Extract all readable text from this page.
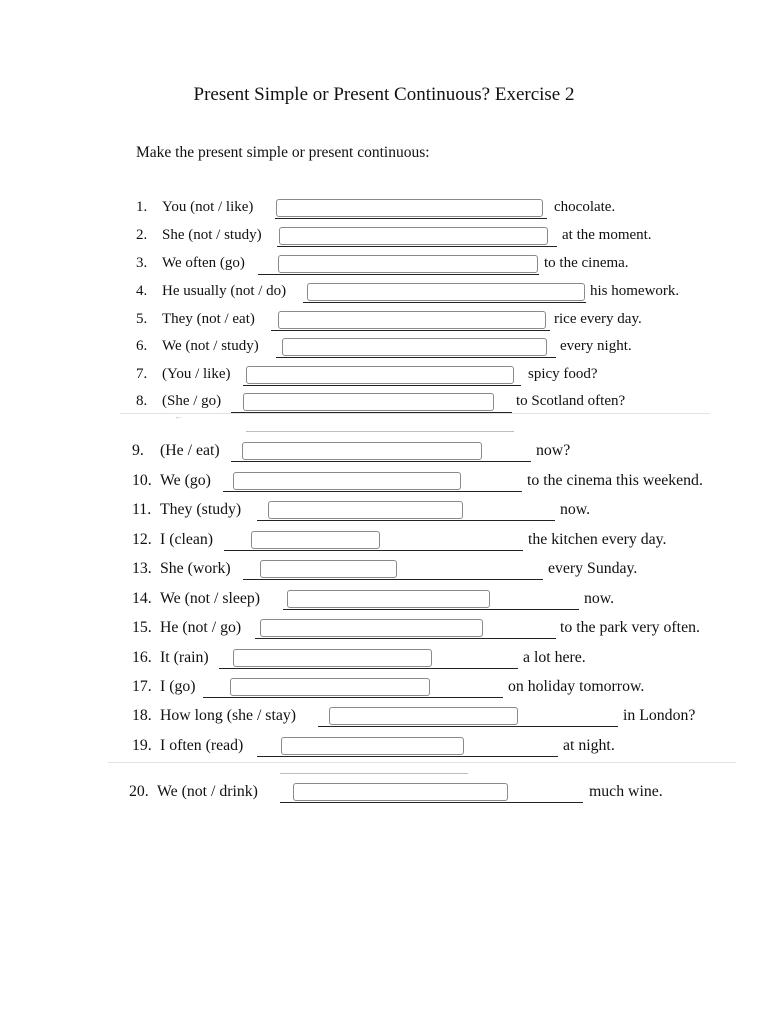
Present Simple or Present Continuous? Exercise 2
Make the present simple or present continuous:
←
1. You (not / like)	chocolate.
2. She (not / study)	at the moment.
3. We often (go)	to the cinema.
4. He usually (not / do)	his homework.
5. They (not / eat)	rice every day.
6. We (not / study)	every night.
7. (You / like)	spicy food?
8. (She / go)	to Scotland often?
9. (He / eat)	now?
10. We (go)	to the cinema this weekend.
11. They (study)	now.
12. I (clean)	the kitchen every day.
13. She (work)	every Sunday.
14. We (not / sleep)	now.
15. He (not / go)	to the park very often.
16. It (rain)	a lot here.
17. I (go)	on holiday tomorrow.
18. How long (she / stay)	in London?
19. I often (read)	at night.
20. We (not / drink)	much wine.
